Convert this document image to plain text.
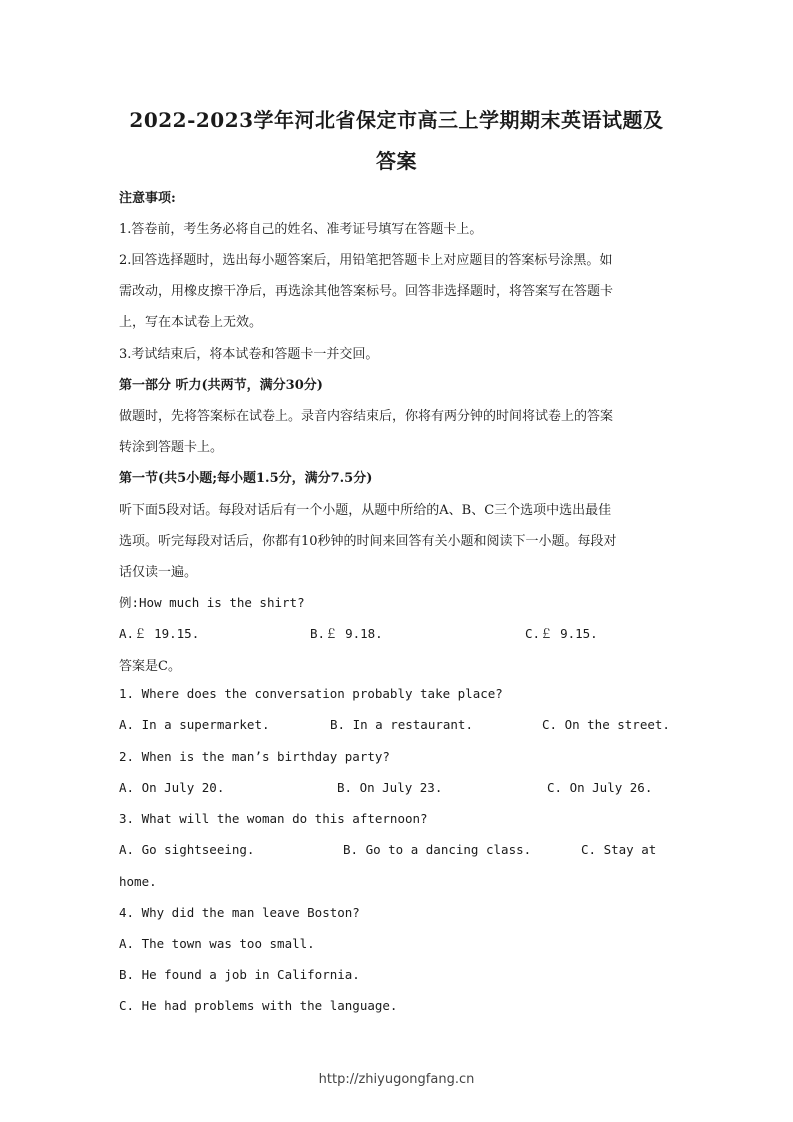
2022-2023学年河北省保定市高三上学期期末英语试题及
答案
注意事项:
1.答卷前，考生务必将自己的姓名、准考证号填写在答题卡上。
2.回答选择题时，选出每小题答案后，用铅笔把答题卡上对应题目的答案标号涂黑。如
需改动，用橡皮擦干净后，再选涂其他答案标号。回答非选择题时，将答案写在答题卡
上，写在本试卷上无效。
3.考试结束后，将本试卷和答题卡一并交回。
第一部分 听力(共两节，满分30分)
做题时，先将答案标在试卷上。录音内容结束后，你将有两分钟的时间将试卷上的答案
转涂到答题卡上。
第一节(共5小题;每小题1.5分，满分7.5分)
听下面5段对话。每段对话后有一个小题，从题中所给的A、B、C三个选项中选出最佳
选项。听完每段对话后，你都有10秒钟的时间来回答有关小题和阅读下一小题。每段对
话仅读一遍。
例:How much is the shirt?
A.￡ 19.15.	B.￡ 9.18.	C.￡ 9.15.
答案是C。
1. Where does the conversation probably take place?
A. In a supermarket.	B. In a restaurant.	C. On the street.
2. When is the man’s birthday party?
A. On July 20.	B. On July 23.	C. On July 26.
3. What will the woman do this afternoon?
A. Go sightseeing.	B. Go to a dancing class.	C. Stay at
home.
4. Why did the man leave Boston?
A. The town was too small.
B. He found a job in California.
C. He had problems with the language.
http://zhiyugongfang.cn
